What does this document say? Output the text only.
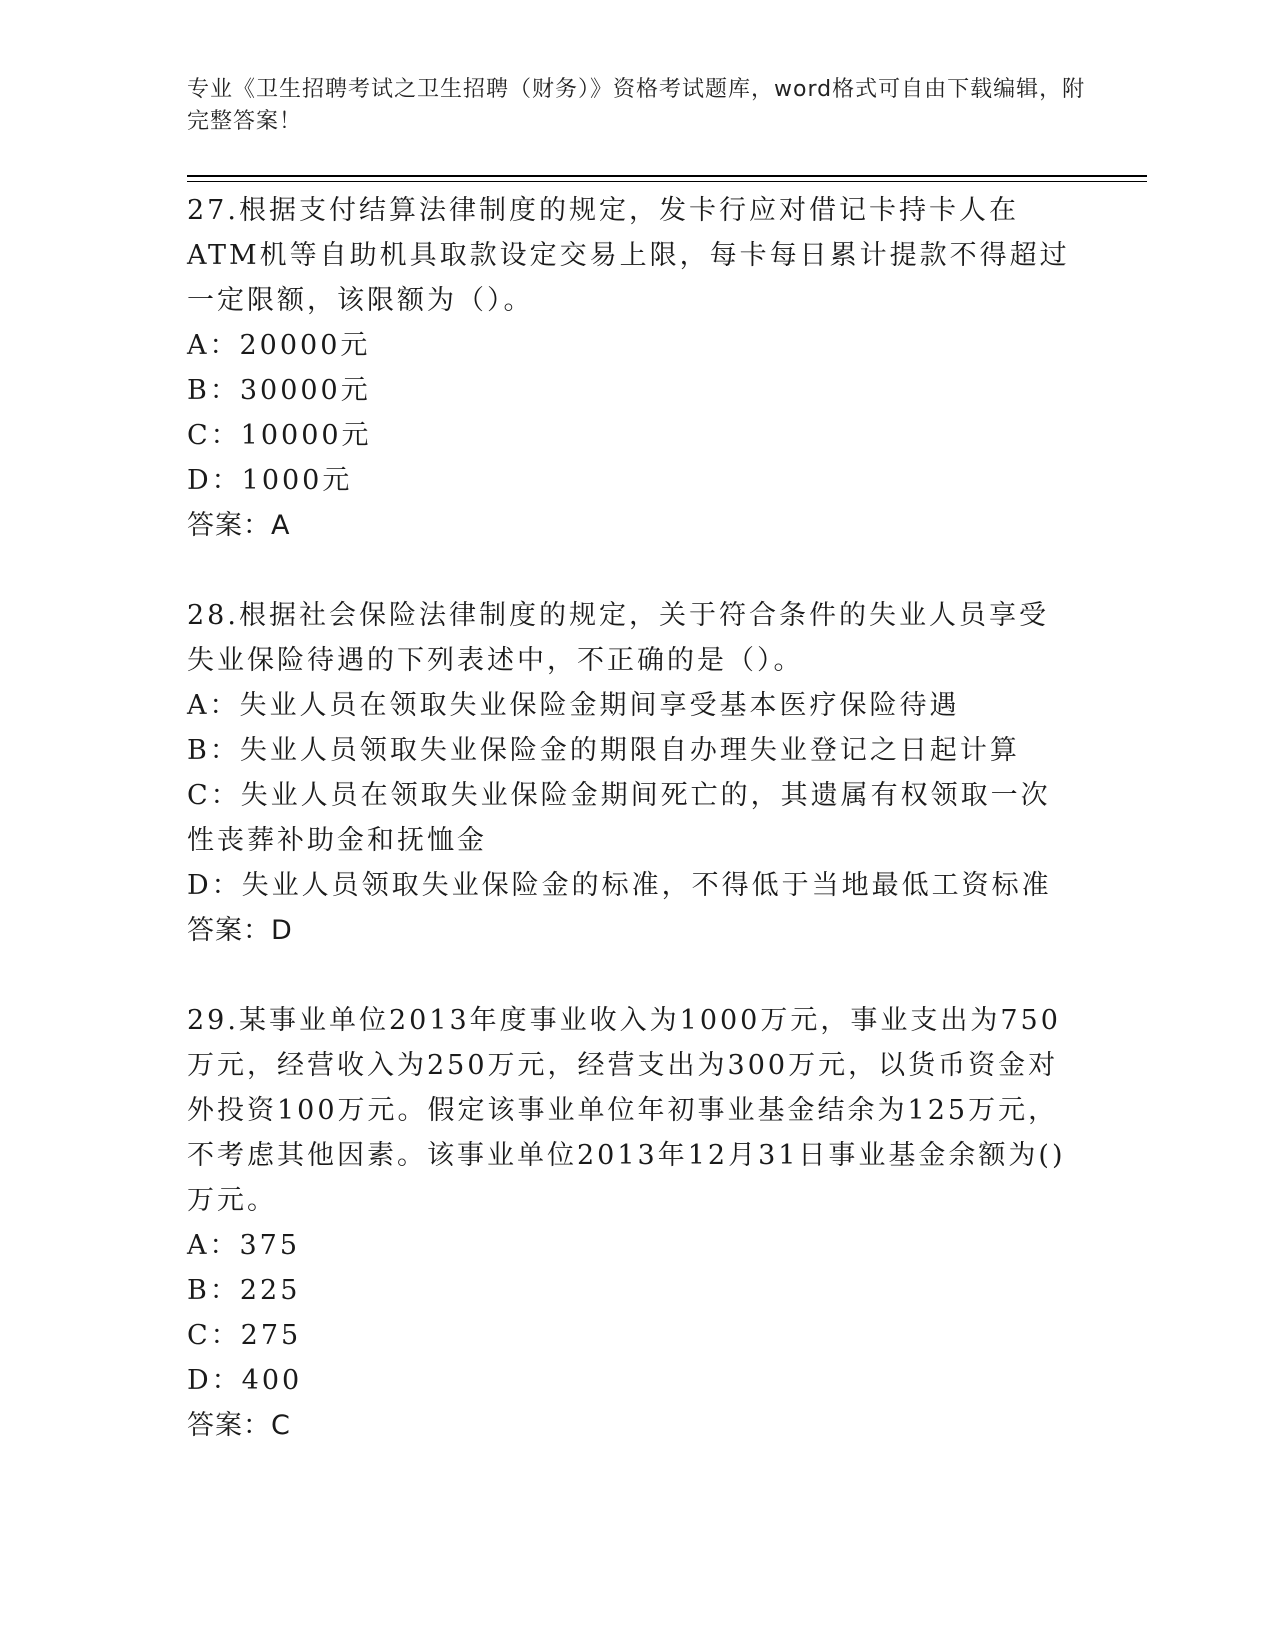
专业《卫生招聘考试之卫生招聘（财务）》资格考试题库，word格式可自由下载编辑，附完整答案！

27.根据支付结算法律制度的规定，发卡行应对借记卡持卡人在ATM机等自助机具取款设定交易上限，每卡每日累计提款不得超过一定限额，该限额为（）。

A：20000元

B：30000元

C：10000元

D：1000元

答案：A

28.根据社会保险法律制度的规定，关于符合条件的失业人员享受失业保险待遇的下列表述中，不正确的是（）。

A：失业人员在领取失业保险金期间享受基本医疗保险待遇

B：失业人员领取失业保险金的期限自办理失业登记之日起计算

C：失业人员在领取失业保险金期间死亡的，其遗属有权领取一次性丧葬补助金和抚恤金

D：失业人员领取失业保险金的标准，不得低于当地最低工资标准

答案：D

29.某事业单位2013年度事业收入为1000万元，事业支出为750万元，经营收入为250万元，经营支出为300万元，以货币资金对外投资100万元。假定该事业单位年初事业基金结余为125万元，不考虑其他因素。该事业单位2013年12月31日事业基金余额为()万元。

A：375

B：225

C：275

D：400

答案：C
